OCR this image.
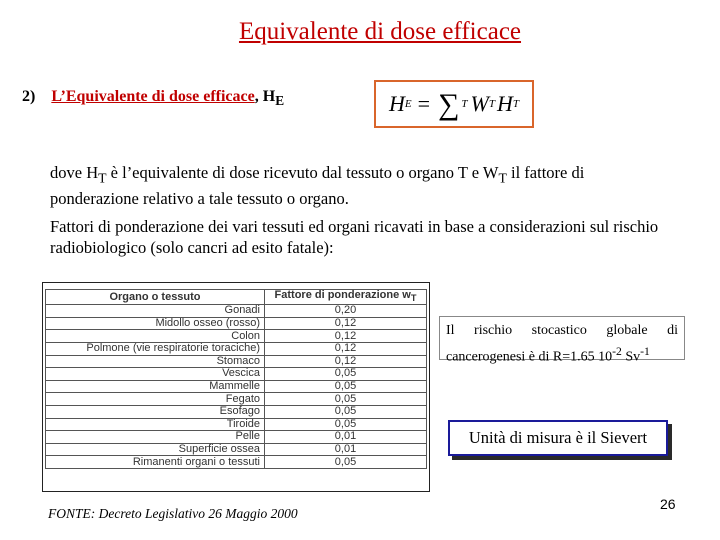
Equivalente di dose efficace
2) L’Equivalente di dose efficace, $H_E$	H E = ∑ T W T H T
dove $H_T$ è l’equivalente di dose ricevuto dal tessuto o organo T e $W_T$ il fattore di ponderazione relativo a tale tessuto o organo.
Fattori di ponderazione dei vari tessuti ed organi ricavati in base a considerazioni sul rischio radiobiologico (solo cancri ad esito fatale):

Organo o tessuto	Fattore di ponderazione $w_T$
Gonadi	0,20
Midollo osseo (rosso)	0,12
Colon	0,12
Polmone (vie respiratorie toraciche)	0,12
Stomaco	0,12
Vescica	0,05
Mammelle	0,05
Fegato	0,05
Esofago	0,05
Tiroide	0,05
Pelle	0,01
Superficie ossea	0,01
Rimanenti organi o tessuti	0,05
Il rischio stocastico globale di cancerogenesi è di R=1.65 $10^{-2}$ $Sv^{-1}$
Unità di misura è il Sievert
FONTE: Decreto Legislativo 26 Maggio 2000
26
